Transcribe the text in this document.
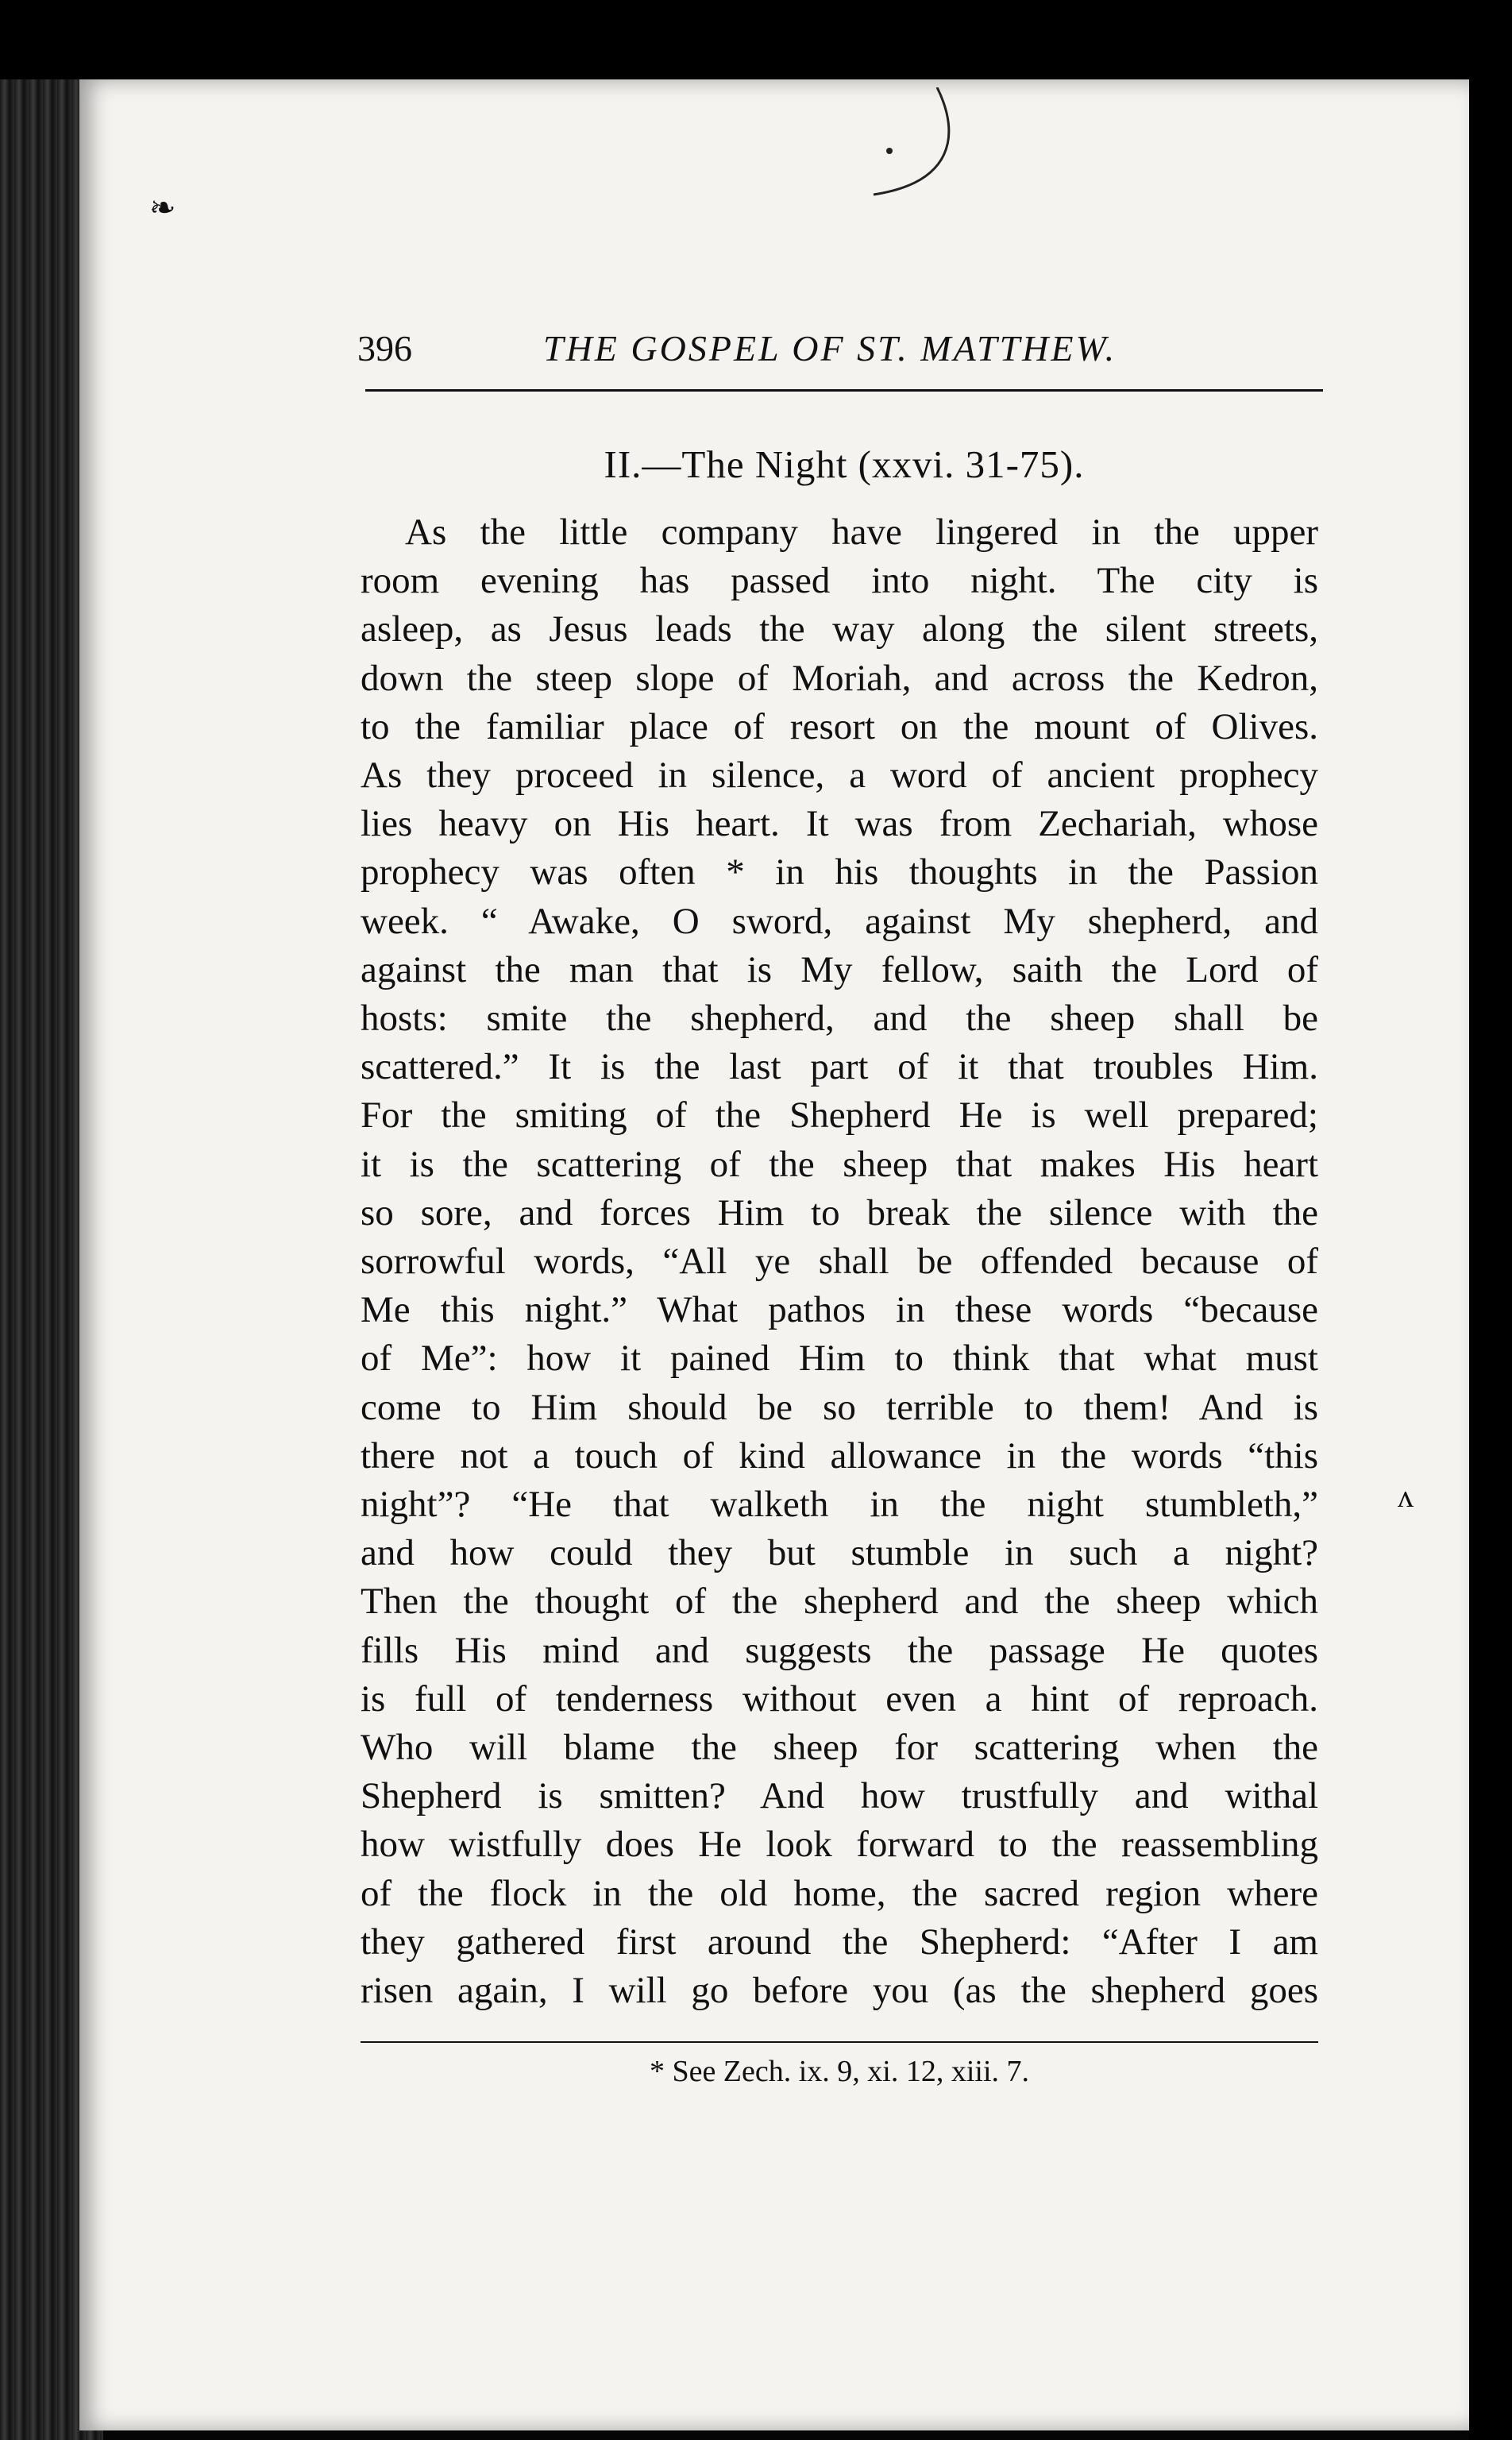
❧
ʌ
396	THE GOSPEL OF ST. MATTHEW.
II.—The Night (xxvi. 31-75).
As the little company have lingered in the upper
room evening has passed into night. The city is
asleep, as Jesus leads the way along the silent streets,
down the steep slope of Moriah, and across the Kedron,
to the familiar place of resort on the mount of Olives.
As they proceed in silence, a word of ancient prophecy
lies heavy on His heart. It was from Zechariah, whose
prophecy was often * in his thoughts in the Passion
week. “ Awake, O sword, against My shepherd, and
against the man that is My fellow, saith the Lord of
hosts: smite the shepherd, and the sheep shall be
scattered.” It is the last part of it that troubles Him.
For the smiting of the Shepherd He is well prepared;
it is the scattering of the sheep that makes His heart
so sore, and forces Him to break the silence with the
sorrowful words, “All ye shall be offended because of
Me this night.” What pathos in these words “because
of Me”: how it pained Him to think that what must
come to Him should be so terrible to them! And is
there not a touch of kind allowance in the words “this
night”? “He that walketh in the night stumbleth,”
and how could they but stumble in such a night?
Then the thought of the shepherd and the sheep which
fills His mind and suggests the passage He quotes
is full of tenderness without even a hint of reproach.
Who will blame the sheep for scattering when the
Shepherd is smitten? And how trustfully and withal
how wistfully does He look forward to the reassembling
of the flock in the old home, the sacred region where
they gathered first around the Shepherd: “After I am
risen again, I will go before you (as the shepherd goes
* See Zech. ix. 9, xi. 12, xiii. 7.
